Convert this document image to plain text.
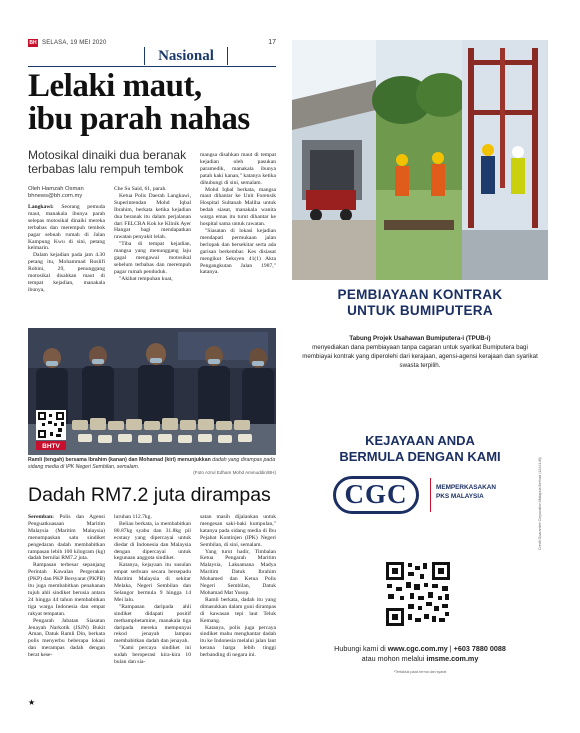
BH SELASA, 19 MEI 2020	17
Nasional
Lelaki maut,
ibu parah nahas
Motosikal dinaiki dua beranak terbabas lalu rempuh tembok
Oleh Hamzah Osman
bhnews@bh.com.my

Langkawi: Seorang pemuda maut, manakala ibunya parah selepas motosikal dinaiki mereka terbabas dan merempuh tembok pagar sebuah rumah di Jalan Kampung Kwu di sini, petang kelmarin.

Dalam kejadian pada jam 4.30 petang itu, Mohammad Roslifi Robini, 29, penunggang motosikal disahkan maut di tempat kejadian, manakala ibunya,

Che Su Said, 61, parah.

Ketua Polis Daerah Langkawi, Superintendan Mohd Iqbal Ibrahim, berkata ketika kejadian dua beranak itu dalam perjalanan dari FELCRA Kok ke Klinik Ayer Hangat bagi mendapatkan rawatan penyakit lelah.

"Tiba di tempat kejadian, mangsa yang menunggang laju gagal mengawal motosikal sebelum terbabas dan merempuh pagar rumah penduduk.

"Akibat rempuhan kuat,

mangsa disahkan maut di tempat kejadian oleh pasukan paramedik, manakala ibunya patah kaki kanan," katanya ketika dihubungi di sini, semalam.

Mohd Iqbal berkata, mangsa maut dihantar ke Unit Forensik Hospital Sultanah Maliha untuk bedah siasat, manakala wanita warga emas itu turut dihantar ke hospital sama untuk rawatan.

"Siasatan di lokasi kejadian mendapati permukaan jalan berlopak dan bersekitar serta ada garisan berkembar. Kes disiasat mengikut Seksyen 41(1) Akta Pengangkutan Jalan 1987," katanya.

BHTV
Ramli (tengah) bersama Ibrahim (kanan) dan Mohamad (kiri) menunjukkan dadah yang dirampas pada sidang media di IPK Negeri Sembilan, semalam.
(Foto Azrul Edham Mohd Aminuddin/BH)
Dadah RM7.2 juta dirampas

Seremban: Polis dan Agensi Penguatkuasaan Maritim Malaysia (Maritim Malaysia) menumpaskan satu sindiket pengedaran dadah membabitkan rampasan lebih 100 kilogram (kg) dadah bernilai RM7.2 juta.

Rampasan terbesar sepanjang Perintah Kawalan Pergerakan (PKP) dan PKP Bersyarat (PKPB) itu juga membabitkan penahanan tujuh ahli sindiket berusia antara 24 hingga 44 tahun membabitkan tiga warga Indonesia dan empat rakyat tempatan.

Pengarah Jabatan Siasatan Jenayah Narkotik (JSJN) Bukit Aman, Datuk Ramli Din, berkata polis menyerbu beberapa lokasi dan merampas dadah dengan berat kese-

luruhan 112.7kg.

Beliau berkata, ia membabitkan 80.87kg syabu dan 31.8kg pil ecstasy yang dipercayai untuk diedar di Indonesia dan Malaysia dengan dipercayai untuk kegunaan anggota sindiket.

Katanya, kejayaan itu susulan empat serbuan secara bersepadu Maritim Malaysia di sekitar Melaka, Negeri Sembilan dan Selangor bermula 9 hingga 14 Mei lalu.

"Rampasan daripada ahli sindiket didapati positif methamphetamine, manakala tiga daripada mereka mempunyai rekod jenayah lampau membabitkan dadah dan jenayah.

"Kami percaya sindiket ini sudah beroperasi kira-kira 10 bulan dan sia-

satan masih dijalankan untuk mengesan saki-baki kumpulan," katanya pada sidang media di Ibu Pejabat Kontinjen (IPK) Negeri Sembilan, di sini, semalam.

Yang turut hadir, Timbalan Ketua Pengarah Maritim Malaysia, Laksamana Madya Maritim Datuk Ibrahim Mohamed dan Ketua Polis Negeri Sembilan, Datuk Mohamad Mat Yusop.

Ramli berkata, dadah itu yang dimasukkan dalam guni dirampas di kawasan tepi laut Teluk Kemang.

Katanya, polis juga percaya sindiket mahu menghantar dadah itu ke Indonesia melalui jalan laut kerana harga lebih tinggi berbanding di negara ini.

★
PEMBIAYAAN KONTRAK
UNTUK BUMIPUTERA
Tabung Projek Usahawan Bumiputera-i (TPUB-i)
menyediakan dana pembiayaan tanpa cagaran untuk syarikat Bumiputera bagi membiayai kontrak yang diperolehi dari kerajaan, agensi-agensi kerajaan dan syarikat swasta terpilih.
KEJAYAAN ANDA
BERMULA DENGAN KAMI
CGC	MEMPERKASAKAN
PKS MALAYSIA
Hubungi kami di www.cgc.com.my | +603 7880 0088
atau mohon melalui imsme.com.my
*Tertakluk pada terma dan syarat
Credit Guarantee Corporation Malaysia Berhad (12441-M)
